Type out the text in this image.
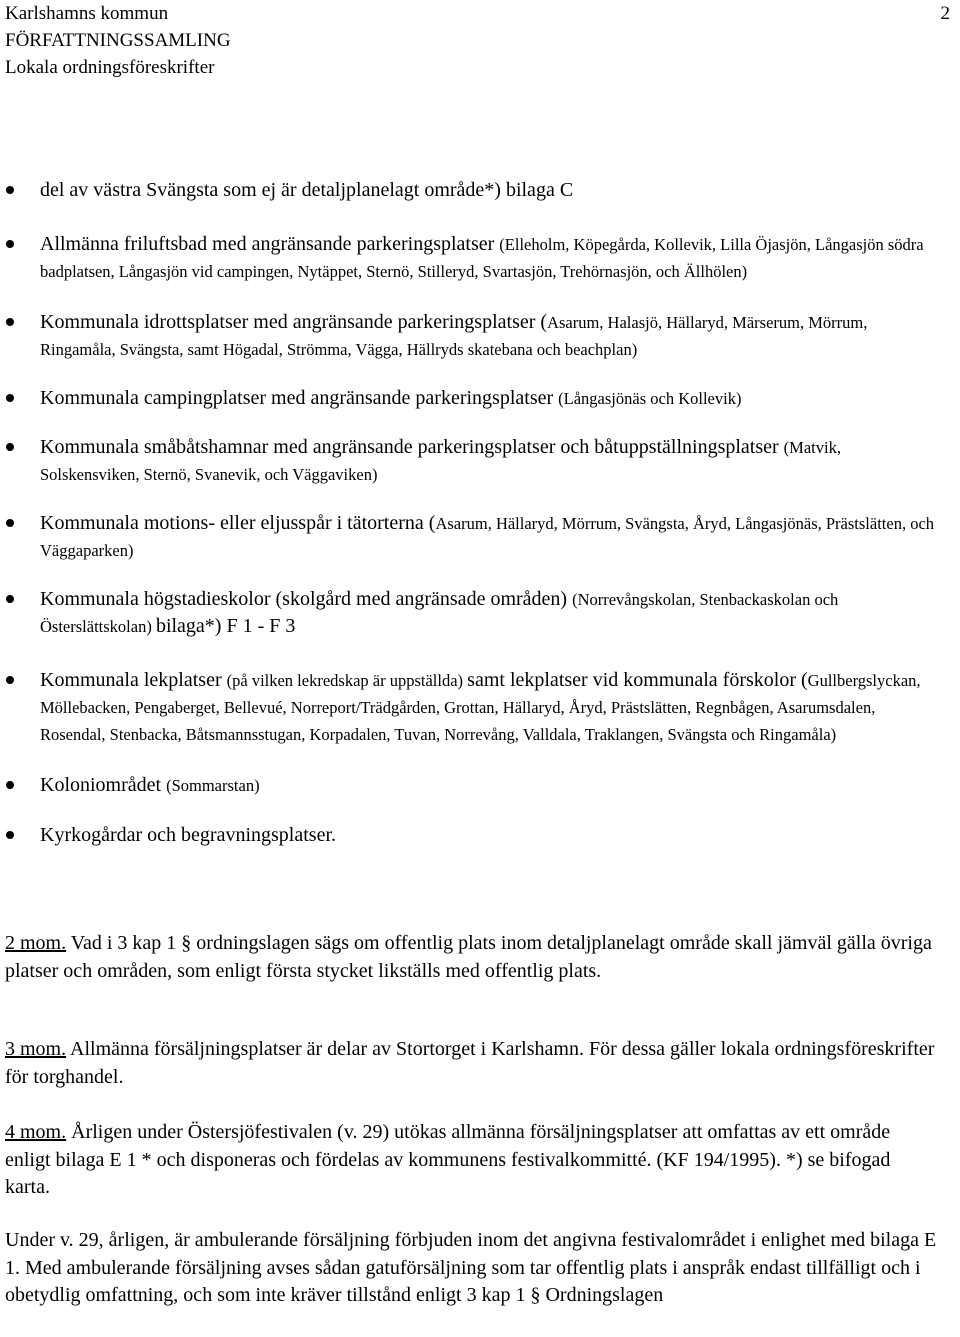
Karlshamns kommun
FÖRFATTNINGSSAMLING
Lokala ordningsföreskrifter
2
del av västra Svängsta som ej är detaljplanelagt område*) bilaga C
Allmänna friluftsbad med angränsande parkeringsplatser (Elleholm, Köpegårda, Kollevik, Lilla Öjasjön, Långasjön södra badplatsen, Långasjön vid campingen, Nytäppet, Sternö, Stilleryd, Svartasjön, Trehörnasjön, och Ällhölen)
Kommunala idrottsplatser med angränsande parkeringsplatser (Asarum, Halasjö, Hällaryd, Märserum, Mörrum, Ringamåla, Svängsta, samt Högadal, Strömma, Vägga, Hällryds skatebana och beachplan)
Kommunala campingplatser med angränsande parkeringsplatser (Långasjönäs och Kollevik)
Kommunala småbåtshamnar med angränsande parkeringsplatser och båtuppställningsplatser (Matvik, Solskensviken, Sternö, Svanevik, och Väggaviken)
Kommunala motions- eller eljusspår i tätorterna (Asarum, Hällaryd, Mörrum, Svängsta, Åryd, Långasjönäs, Prästslätten, och Väggaparken)
Kommunala högstadieskolor (skolgård med angränsade områden) (Norrevångskolan, Stenbackaskolan och Österslättskolan) bilaga*) F 1 - F 3
Kommunala lekplatser (på vilken lekredskap är uppställda) samt lekplatser vid kommunala förskolor (Gullbergslyckan, Möllebacken, Pengaberget, Bellevué, Norreport/Trädgården, Grottan, Hällaryd, Åryd, Prästslätten, Regnbågen, Asarumsdalen, Rosendal, Stenbacka, Båtsmannsstugan, Korpadalen, Tuvan, Norrevång, Valldala, Traklangen, Svängsta och Ringamåla)
Koloniområdet (Sommarstan)
Kyrkogårdar och begravningsplatser.
2 mom. Vad i 3 kap 1 § ordningslagen sägs om offentlig plats inom detaljplanelagt område skall jämväl gälla övriga platser och områden, som enligt första stycket likställs med offentlig plats.
3 mom. Allmänna försäljningsplatser är delar av Stortorget i Karlshamn. För dessa gäller lokala ordningsföreskrifter för torghandel.
4 mom. Årligen under Östersjöfestivalen (v. 29) utökas allmänna försäljningsplatser att omfattas av ett område enligt bilaga E 1 * och disponeras och fördelas av kommunens festivalkommitté. (KF 194/1995). *) se bifogad karta.
Under v. 29, årligen, är ambulerande försäljning förbjuden inom det angivna festivalområdet i enlighet med bilaga E 1. Med ambulerande försäljning avses sådan gatuförsäljning som tar offentlig plats i anspråk endast tillfälligt och i obetydlig omfattning, och som inte kräver tillstånd enligt 3 kap 1 § Ordningslagen
